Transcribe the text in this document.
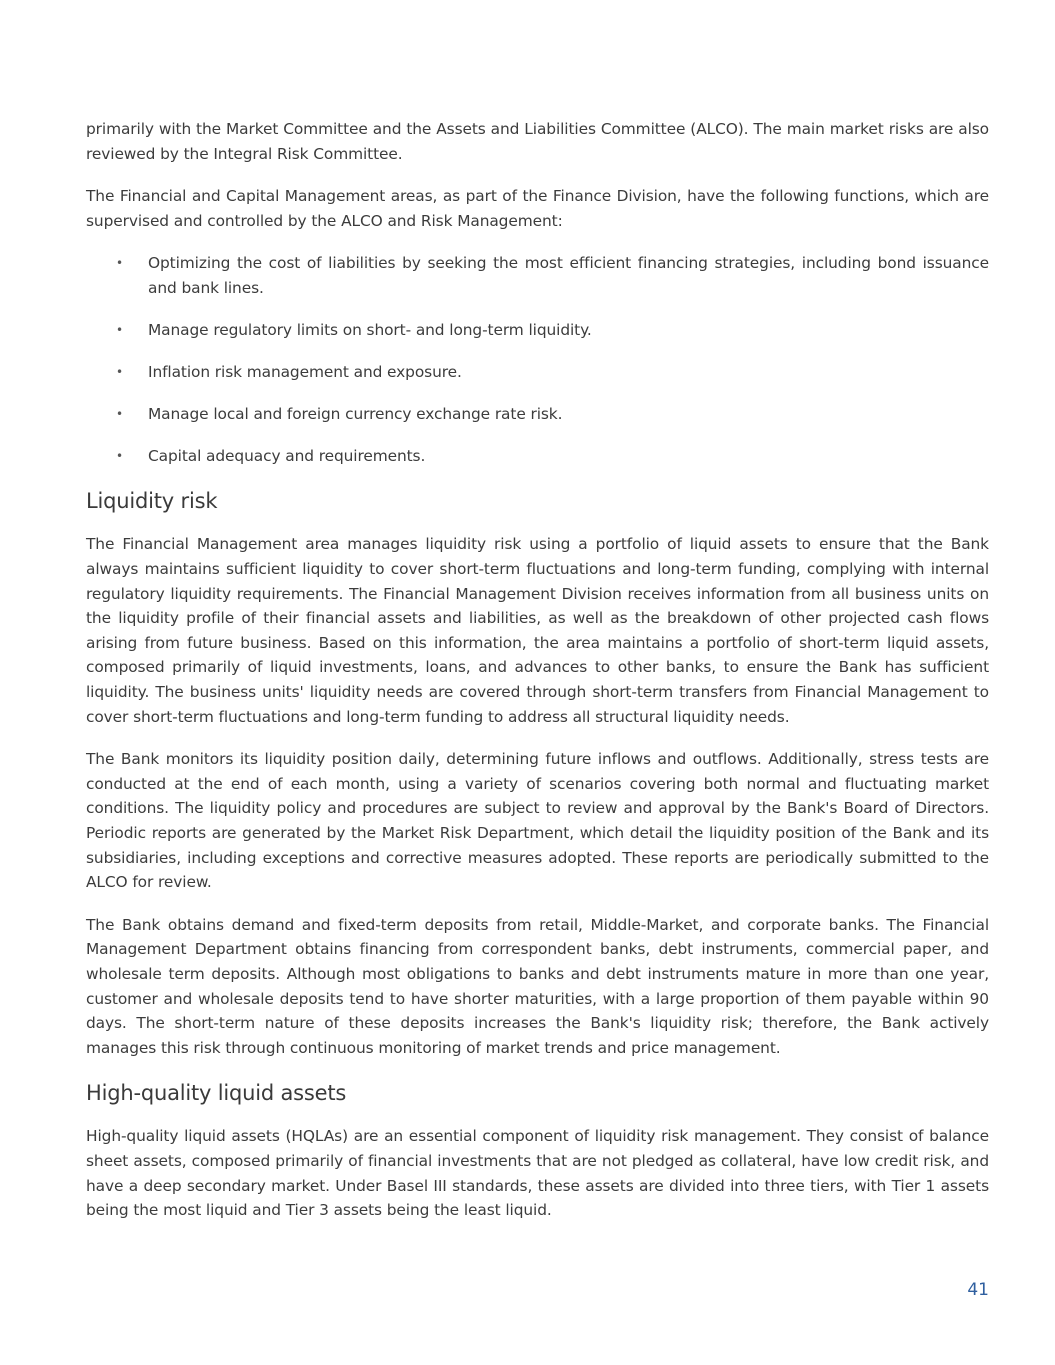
primarily with the Market Committee and the Assets and Liabilities Committee (ALCO). The main market risks are also reviewed by the Integral Risk Committee.

The Financial and Capital Management areas, as part of the Finance Division, have the following functions, which are supervised and controlled by the ALCO and Risk Management:

• Optimizing the cost of liabilities by seeking the most efficient financing strategies, including bond issuance and bank lines.
• Manage regulatory limits on short- and long-term liquidity.
• Inflation risk management and exposure.
• Manage local and foreign currency exchange rate risk.
• Capital adequacy and requirements.
Liquidity risk

The Financial Management area manages liquidity risk using a portfolio of liquid assets to ensure that the Bank always maintains sufficient liquidity to cover short-term fluctuations and long-term funding, complying with internal regulatory liquidity requirements. The Financial Management Division receives information from all business units on the liquidity profile of their financial assets and liabilities, as well as the breakdown of other projected cash flows arising from future business. Based on this information, the area maintains a portfolio of short-term liquid assets, composed primarily of liquid investments, loans, and advances to other banks, to ensure the Bank has sufficient liquidity. The business units' liquidity needs are covered through short-term transfers from Financial Management to cover short-term fluctuations and long-term funding to address all structural liquidity needs.

The Bank monitors its liquidity position daily, determining future inflows and outflows. Additionally, stress tests are conducted at the end of each month, using a variety of scenarios covering both normal and fluctuating market conditions. The liquidity policy and procedures are subject to review and approval by the Bank's Board of Directors. Periodic reports are generated by the Market Risk Department, which detail the liquidity position of the Bank and its subsidiaries, including exceptions and corrective measures adopted. These reports are periodically submitted to the ALCO for review.

The Bank obtains demand and fixed-term deposits from retail, Middle-Market, and corporate banks. The Financial Management Department obtains financing from correspondent banks, debt instruments, commercial paper, and wholesale term deposits. Although most obligations to banks and debt instruments mature in more than one year, customer and wholesale deposits tend to have shorter maturities, with a large proportion of them payable within 90 days. The short-term nature of these deposits increases the Bank's liquidity risk; therefore, the Bank actively manages this risk through continuous monitoring of market trends and price management.

High-quality liquid assets

High-quality liquid assets (HQLAs) are an essential component of liquidity risk management. They consist of balance sheet assets, composed primarily of financial investments that are not pledged as collateral, have low credit risk, and have a deep secondary market. Under Basel III standards, these assets are divided into three tiers, with Tier 1 assets being the most liquid and Tier 3 assets being the least liquid.

41
